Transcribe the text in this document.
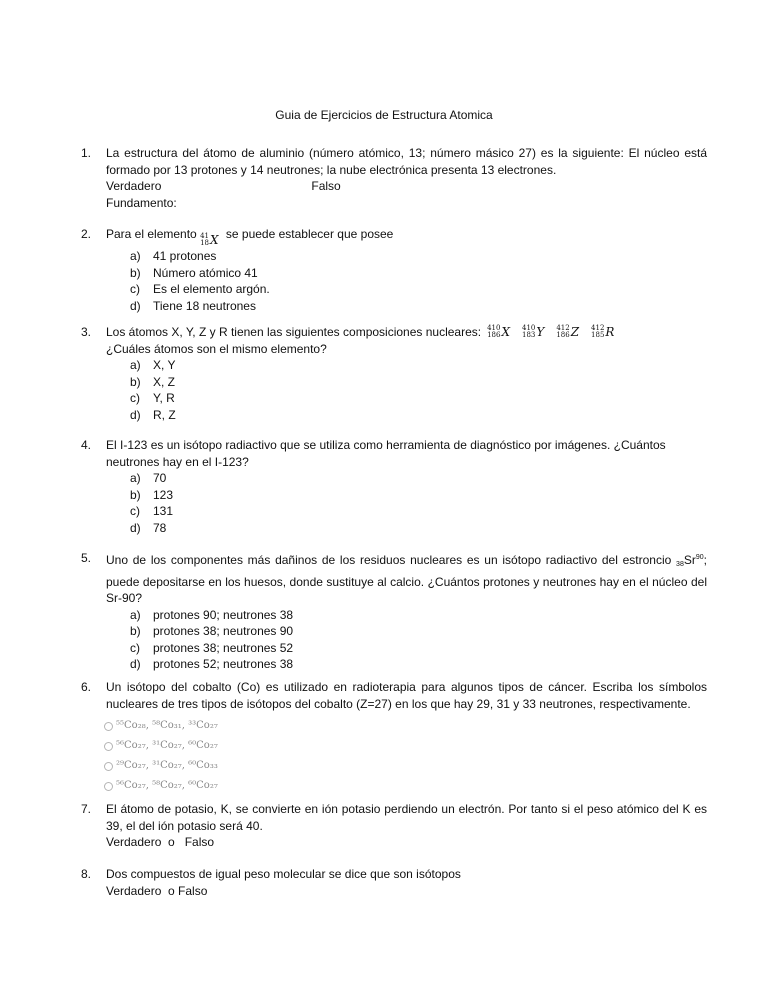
Guia de Ejercicios de Estructura Atomica
1. La estructura del átomo de aluminio (número atómico, 13; número másico 27) es la siguiente: El núcleo está formado por 13 protones y 14 neutrones; la nube electrónica presenta 13 electrones.
Verdadero	Falso
Fundamento:
2. Para el elemento 41
18 X se puede establecer que posee
a)	41 protones
b)	Número atómico 41
c)	Es el elemento argón.
d)	Tiene 18 neutrones
3. Los átomos X, Y, Z y R tienen las siguientes composiciones nucleares: 410
186 X 410
183 Y 412
186 Z 412
185 R
¿Cuáles átomos son el mismo elemento?
a)	X, Y
b)	X, Z
c)	Y, R
d)	R, Z
4. El I-123 es un isótopo radiactivo que se utiliza como herramienta de diagnóstico por imágenes. ¿Cuántos neutrones hay en el I-123?
a)	70
b)	123
c)	131
d)	78
5. Uno de los componentes más dañinos de los residuos nucleares es un isótopo radiactivo del estroncio $_{38}Sr^{90}$; puede depositarse en los huesos, donde sustituye al calcio. ¿Cuántos protones y neutrones hay en el núcleo del Sr-90?
a)	protones 90; neutrones 38
b)	protones 38; neutrones 90
c)	protones 38; neutrones 52
d)	protones 52; neutrones 38
6. Un isótopo del cobalto (Co) es utilizado en radioterapia para algunos tipos de cáncer. Escriba los símbolos nucleares de tres tipos de isótopos del cobalto (Z=27) en los que hay 29, 31 y 33 neutrones, respectivamente.
⁵⁵Co₂₈, ⁵⁸Co₃₁, ³³Co₂₇
⁵⁶Co₂₇, ³¹Co₂₇, ⁶⁰Co₂₇
²⁹Co₂₇, ³¹Co₂₇, ⁶⁰Co₃₃
⁵⁶Co₂₇, ⁵⁸Co₂₇, ⁶⁰Co₂₇
7. El átomo de potasio, K, se convierte en ión potasio perdiendo un electrón. Por tanto si el peso atómico del K es 39, el del ión potasio será 40.
Verdadero  o   Falso
8. Dos compuestos de igual peso molecular se dice que son isótopos
Verdadero  o Falso
